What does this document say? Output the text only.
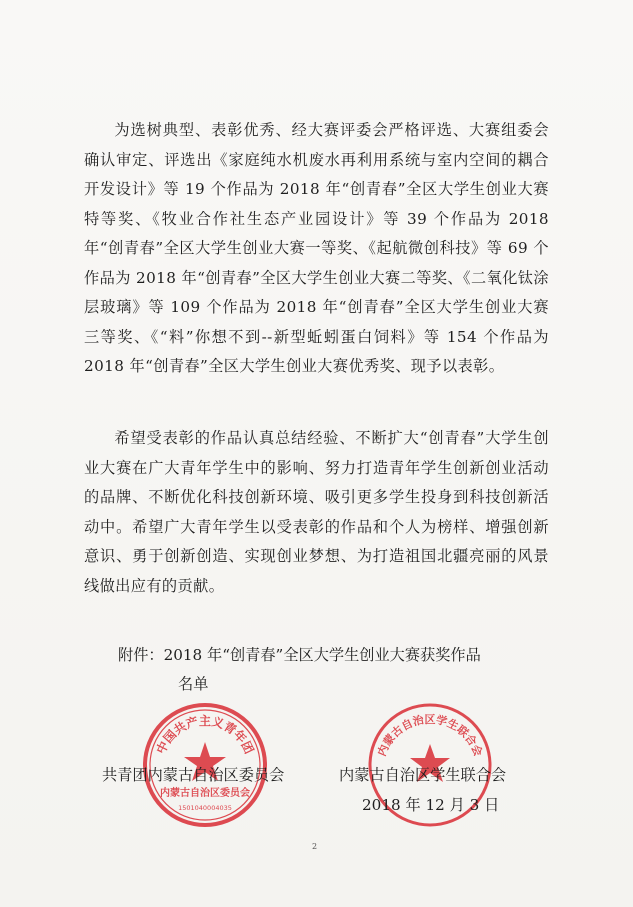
为选树典型、表彰优秀、经大赛评委会严格评选、大赛组委会确认审定、评选出《家庭纯水机废水再利用系统与室内空间的耦合开发设计》等 19 个作品为 2018 年“创青春”全区大学生创业大赛特等奖、《牧业合作社生态产业园设计》等 39 个作品为 2018 年“创青春”全区大学生创业大赛一等奖、《起航微创科技》等 69 个作品为 2018 年“创青春”全区大学生创业大赛二等奖、《二氧化钛涂层玻璃》等 109 个作品为 2018 年“创青春”全区大学生创业大赛三等奖、《“料”你想不到--新型蚯蚓蛋白饲料》等 154 个作品为 2018 年“创青春”全区大学生创业大赛优秀奖、现予以表彰。

希望受表彰的作品认真总结经验、不断扩大“创青春”大学生创业大赛在广大青年学生中的影响、努力打造青年学生创新创业活动的品牌、不断优化科技创新环境、吸引更多学生投身到科技创新活动中。希望广大青年学生以受表彰的作品和个人为榜样、增强创新意识、勇于创新创造、实现创业梦想、为打造祖国北疆亮丽的风景线做出应有的贡献。

附件：2018 年“创青春”全区大学生创业大赛获奖作品
名单

中国共产主义青年团
内蒙古自治区委员会
1501040004035
内蒙古自治区学生联合会
共青团内蒙古自治区委员会	内蒙古自治区学生联合会
2018 年 12 月 3 日
2
